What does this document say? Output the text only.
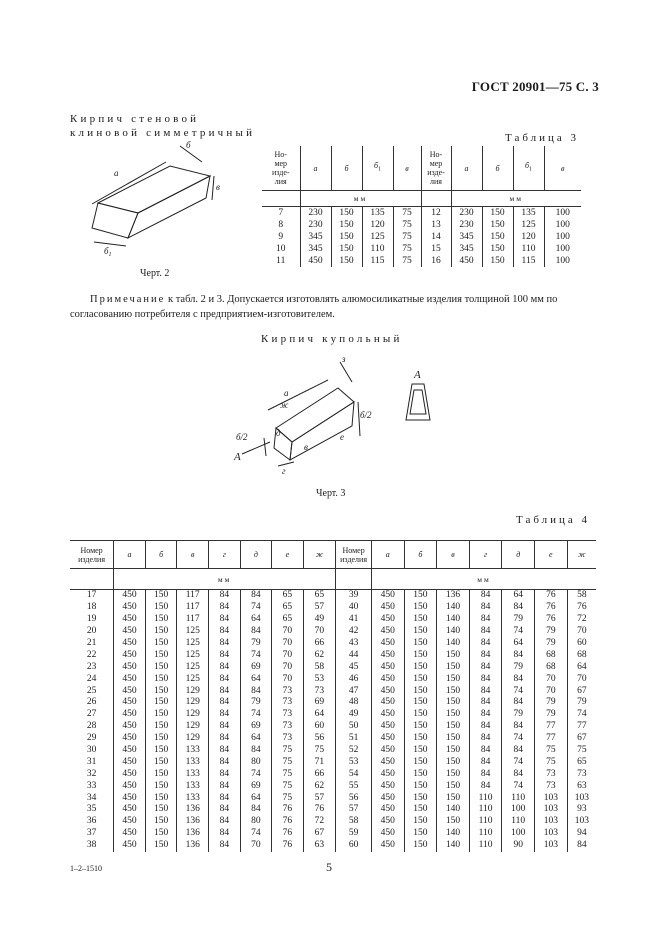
ГОСТ 20901—75 С. 3
Кирпич стеновой
клиновой симметричный
а
б
в
$б_1$
Черт. 2
Таблица 3
Но-
мер
изде-
лия	а	б	$б_1$	в	Но-
мер
изде-
лия	а	б	$б_1$	в
	мм					мм			
7	230	150	135	75	12	230	150	135	100
8	230	150	120	75	13	230	150	125	100
9	345	150	125	75	14	345	150	120	100
10	345	150	110	75	15	345	150	110	100
11	450	150	115	75	16	450	150	115	100
Примечание к табл. 2 и 3. Допускается изготовлять алюмосиликатные изделия толщиной 100 мм по
согласованию потребителя с предприятием-изготовителем.
Кирпич купольный
а
з
ж
б/2
б/2	е
в
г
д
А
А
Черт. 3
Таблица 4
Номер
изделия	а	б	в	г	д	е	ж	Номер
изделия	а	б	в	г	д	е	ж
	мм								мм						
17	450	150	117	84	84	65	65	39	450	150	136	84	64	76	58
18	450	150	117	84	74	65	57	40	450	150	140	84	84	76	76
19	450	150	117	84	64	65	49	41	450	150	140	84	79	76	72
20	450	150	125	84	84	70	70	42	450	150	140	84	74	79	70
21	450	150	125	84	79	70	66	43	450	150	140	84	64	79	60
22	450	150	125	84	74	70	62	44	450	150	150	84	84	68	68
23	450	150	125	84	69	70	58	45	450	150	150	84	79	68	64
24	450	150	125	84	64	70	53	46	450	150	150	84	84	70	70
25	450	150	129	84	84	73	73	47	450	150	150	84	74	70	67
26	450	150	129	84	79	73	69	48	450	150	150	84	84	79	79
27	450	150	129	84	74	73	64	49	450	150	150	84	79	79	74
28	450	150	129	84	69	73	60	50	450	150	150	84	84	77	77
29	450	150	129	84	64	73	56	51	450	150	150	84	74	77	67
30	450	150	133	84	84	75	75	52	450	150	150	84	84	75	75
31	450	150	133	84	80	75	71	53	450	150	150	84	74	75	65
32	450	150	133	84	74	75	66	54	450	150	150	84	84	73	73
33	450	150	133	84	69	75	62	55	450	150	150	84	74	73	63
34	450	150	133	84	64	75	57	56	450	150	150	110	110	103	103
35	450	150	136	84	84	76	76	57	450	150	140	110	100	103	93
36	450	150	136	84	80	76	72	58	450	150	150	110	110	103	103
37	450	150	136	84	74	76	67	59	450	150	140	110	100	103	94
38	450	150	136	84	70	76	63	60	450	150	140	110	90	103	84
1–2–1510	5
